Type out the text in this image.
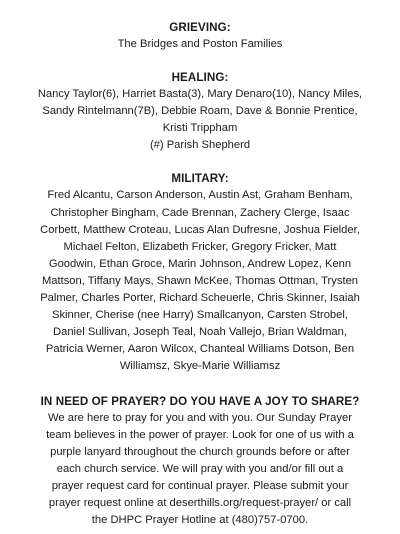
GRIEVING:
The Bridges and Poston Families
HEALING:
Nancy Taylor(6), Harriet Basta(3), Mary Denaro(10), Nancy Miles,
Sandy Rintelmann(7B), Debbie Roam, Dave & Bonnie Prentice,
Kristi Trippham
(#) Parish Shepherd
MILITARY:
Fred Alcantu, Carson Anderson, Austin Ast, Graham Benham,
Christopher Bingham, Cade Brennan, Zachery Clerge, Isaac
Corbett, Matthew Croteau, Lucas Alan Dufresne, Joshua Fielder,
Michael Felton, Elizabeth Fricker, Gregory Fricker, Matt
Goodwin, Ethan Groce, Marin Johnson, Andrew Lopez, Kenn
Mattson, Tiffany Mays, Shawn McKee, Thomas Ottman, Trysten
Palmer, Charles Porter, Richard Scheuerle, Chris Skinner, Isaiah
Skinner, Cherise (nee Harry) Smallcanyon, Carsten Strobel,
Daniel Sullivan, Joseph Teal, Noah Vallejo, Brian Waldman,
Patricia Werner, Aaron Wilcox, Chanteal Williams Dotson, Ben
Williamsz, Skye-Marie Williamsz
IN NEED OF PRAYER? DO YOU HAVE A JOY TO SHARE?
We are here to pray for you and with you. Our Sunday Prayer
team believes in the power of prayer. Look for one of us with a
purple lanyard throughout the church grounds before or after
each church service. We will pray with you and/or fill out a
prayer request card for continual prayer. Please submit your
prayer request online at deserthills.org/request-prayer/ or call
the DHPC Prayer Hotline at (480)757-0700.
